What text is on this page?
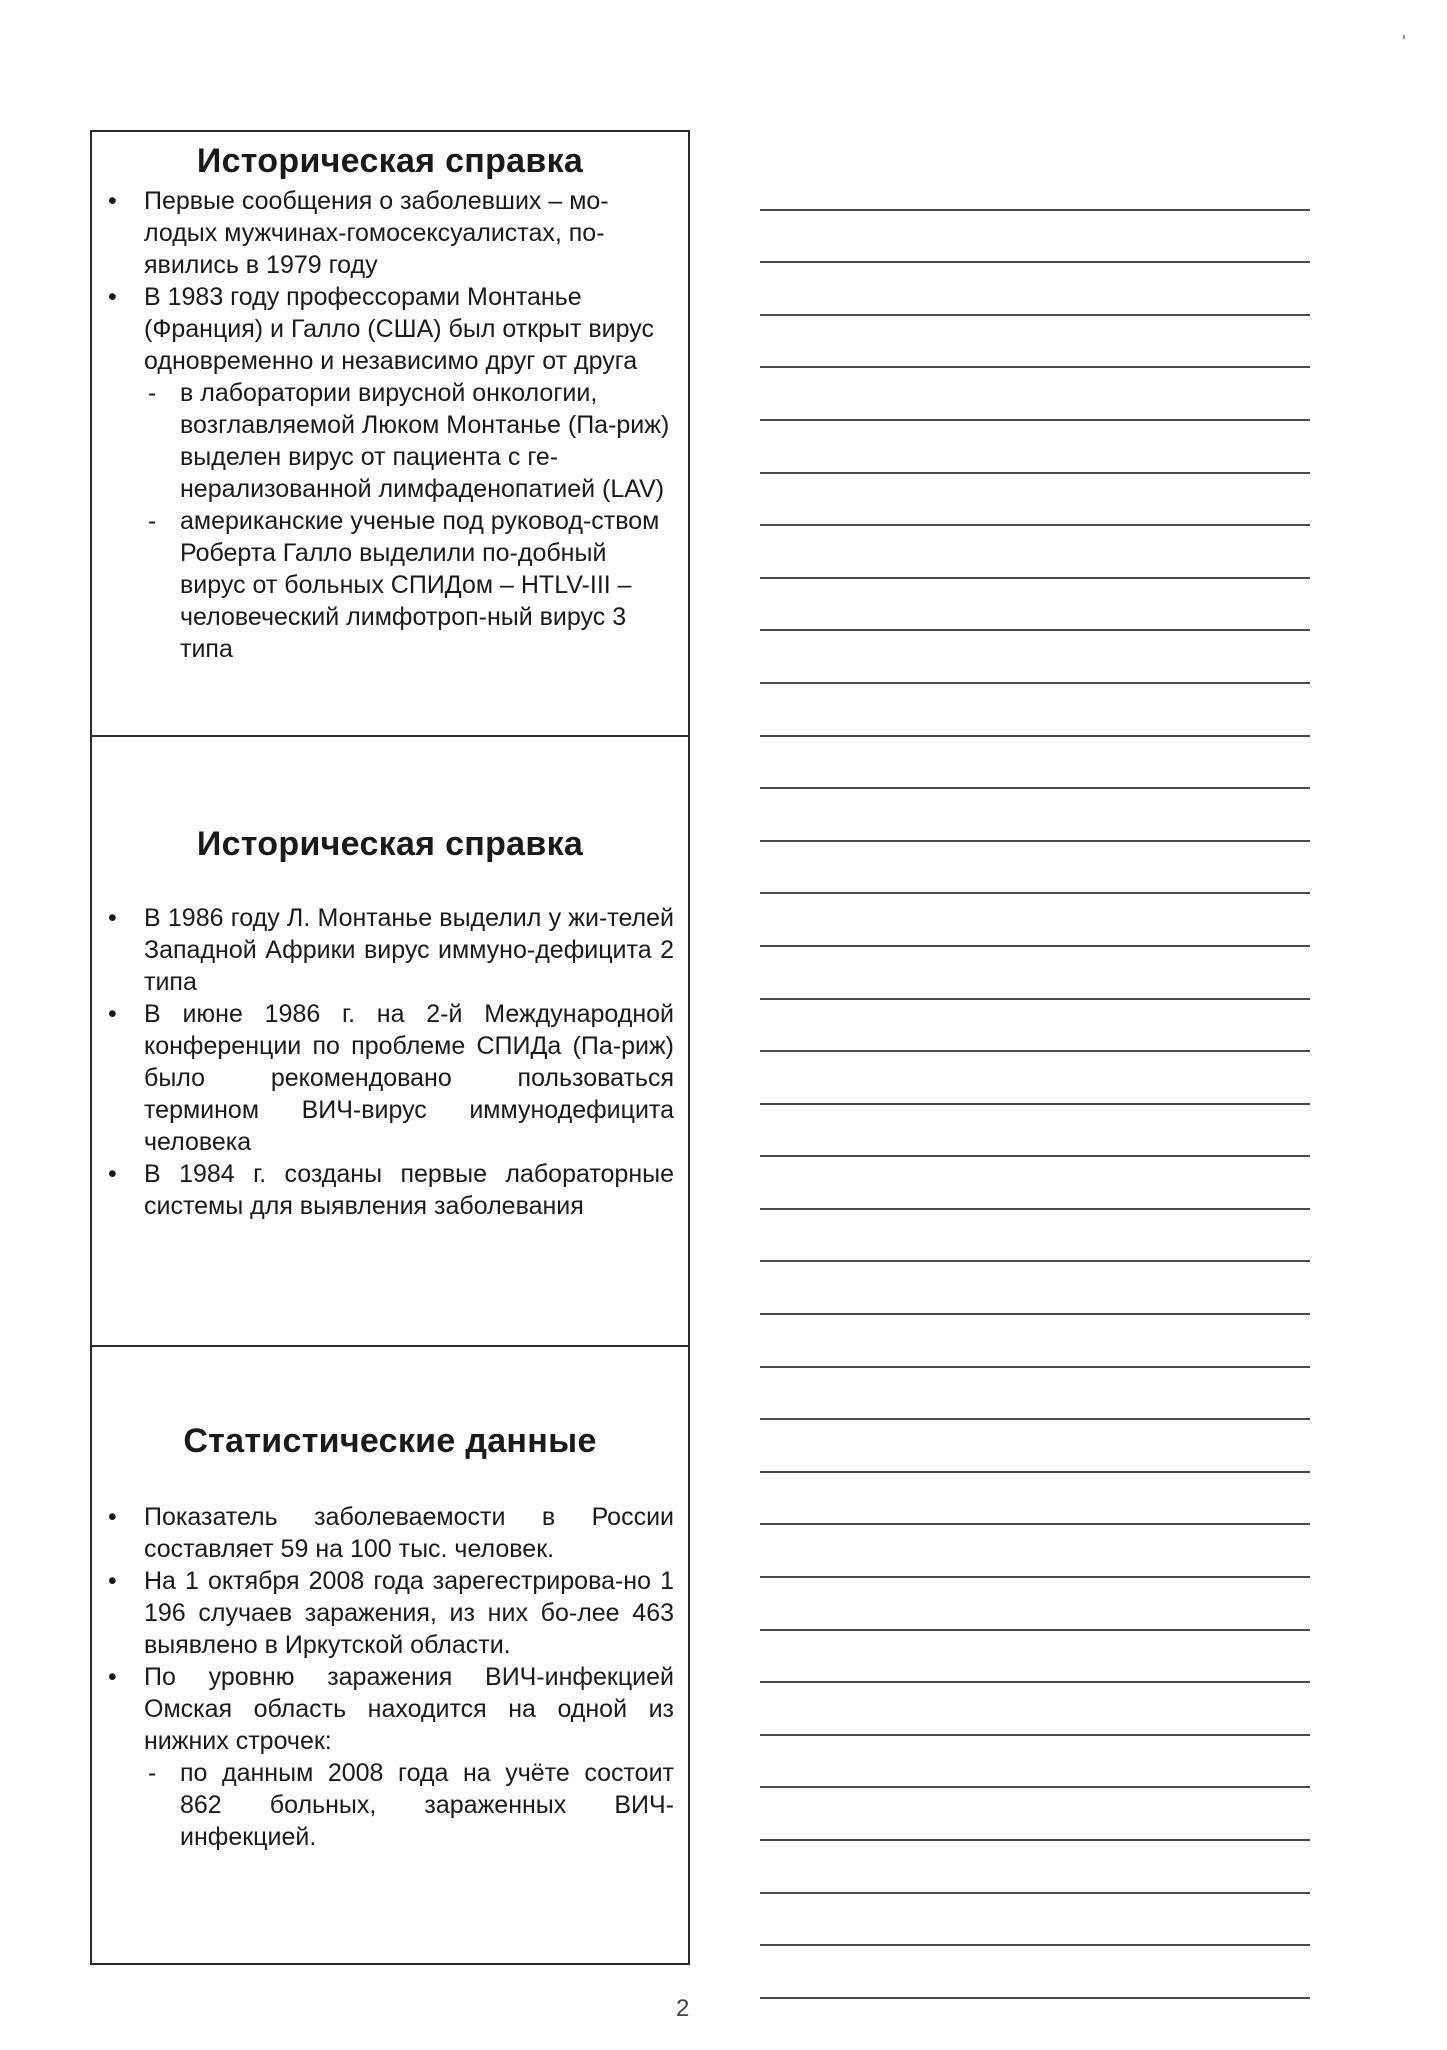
'
Историческая справка
• Первые сообщения о заболевших – мо-лодых мужчинах-гомосексуалистах, по-явились в 1979 году
• В 1983 году профессорами Монтанье (Франция) и Галло (США) был открыт вирус одновременно и независимо друг от друга
- в лаборатории вирусной онкологии, возглавляемой Люком Монтанье (Па-риж) выделен вирус от пациента с ге-нерализованной лимфаденопатией (LAV)
- американские ученые под руковод-ством Роберта Галло выделили по-добный вирус от больных СПИДом – HTLV-III – человеческий лимфотроп-ный вирус 3 типа
Историческая справка
• В 1986 году Л. Монтанье выделил у жи-телей Западной Африки вирус иммуно-дефицита 2 типа
• В июне 1986 г. на 2-й Международной конференции по проблеме СПИДа (Па-риж) было рекомендовано пользоваться термином ВИЧ-вирус иммунодефицита человека
• В 1984 г. созданы первые лабораторные системы для выявления заболевания
Статистические данные
• Показатель заболеваемости в России составляет 59 на 100 тыс. человек.
• На 1 октября 2008 года зарегестрирова-но 1 196 случаев заражения, из них бо-лее 463 выявлено в Иркутской области.
• По уровню заражения ВИЧ-инфекцией Омская область находится на одной из нижних строчек:
- по данным 2008 года на учёте состоит 862 больных, зараженных ВИЧ-инфекцией.
2
